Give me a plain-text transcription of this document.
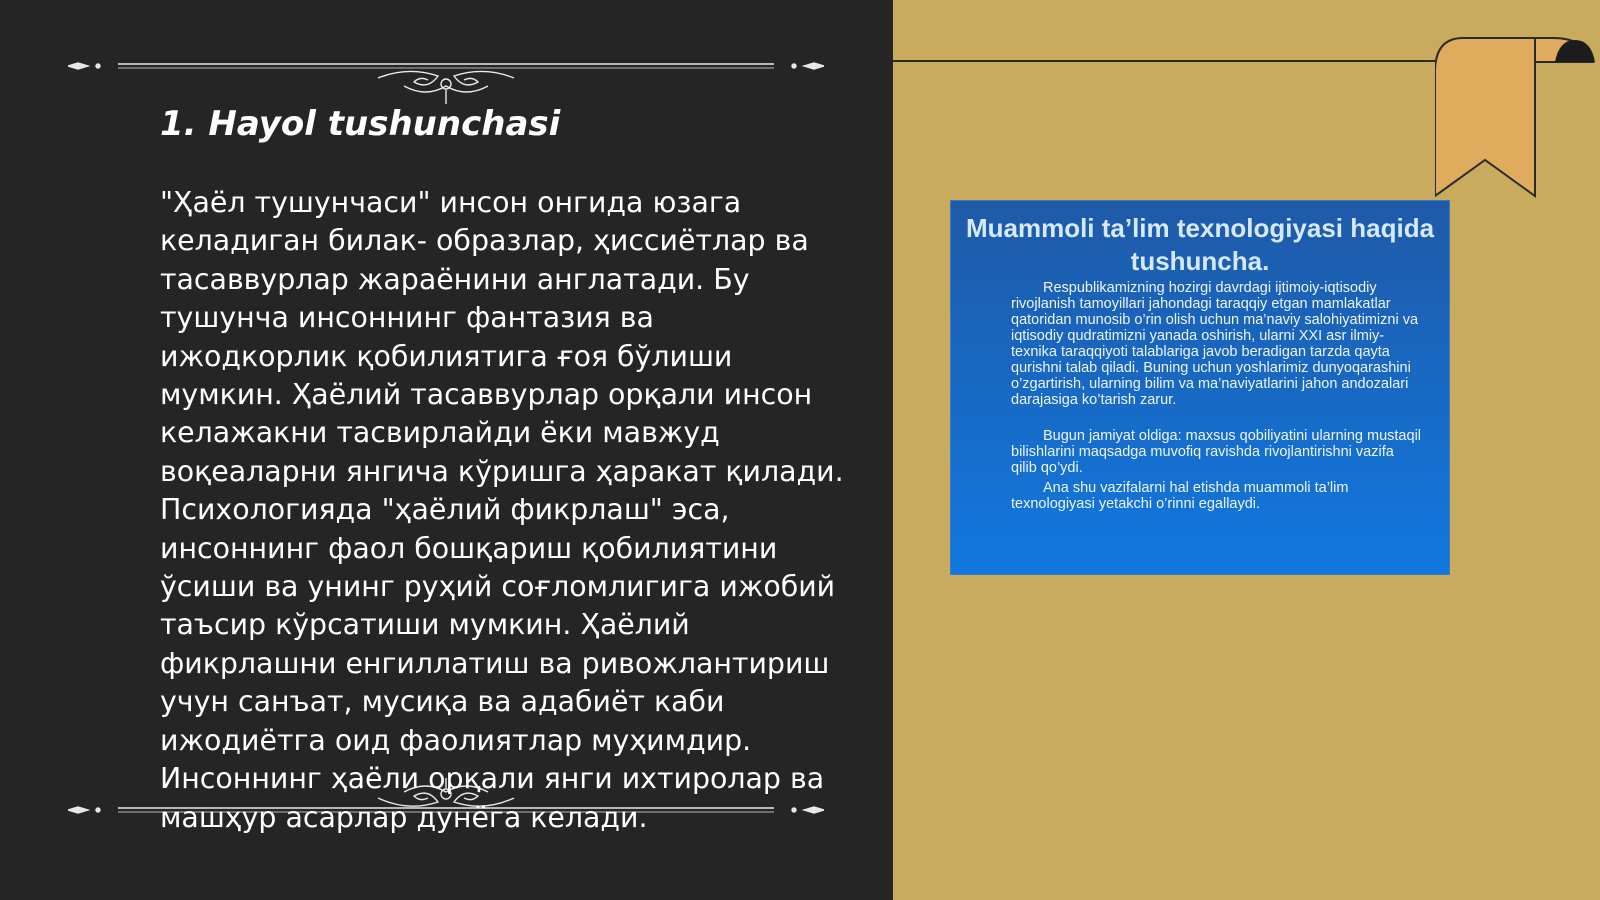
1. Hayol tushunchasi

"Ҳаёл тушунчаси" инсон онгида юзага келадиган билак- образлар, ҳиссиётлар ва тасаввурлар жараёнини англатади. Бу тушунча инсоннинг фантазия ва ижодкорлик қобилиятига ғоя бўлиши мумкин. Ҳаёлий тасаввурлар орқали инсон келажакни тасвирлайди ёки мавжуд воқеаларни янгича кўришга ҳаракат қилади. Психологияда "ҳаёлий фикрлаш" эса, инсоннинг фаол бошқариш қобилиятини ўсиши ва унинг руҳий соғломлигига ижобий таъсир кўрсатиши мумкин. Ҳаёлий фикрлашни енгиллатиш ва ривожлантириш учун санъат, мусиқа ва адабиёт каби ижодиётга оид фаолиятлар муҳимдир. Инсоннинг ҳаёли орқали янги ихтиролар ва машҳур асарлар дунёга келади.

Muammoli ta’lim texnologiyasi haqida tushuncha.

Respublikamizning hozirgi davrdagi ijtimoiy-iqtisodiy rivojlanish tamoyillari jahondagi taraqqiy etgan mamlakatlar qatoridan munosib o’rin olish uchun ma’naviy salohiyatimizni va iqtisodiy qudratimizni yanada oshirish, ularni XXI asr ilmiy-texnika taraqqiyoti talablariga javob beradigan tarzda qayta qurishni talab qiladi. Buning uchun yoshlarimiz dunyoqarashini o’zgartirish, ularning bilim va ma’naviyatlarini jahon andozalari darajasiga ko’tarish zarur.

Bugun jamiyat oldiga: maxsus qobiliyatini ularning mustaqil bilishlarini maqsadga muvofiq ravishda rivojlantirishni vazifa qilib qo’ydi.

Ana shu vazifalarni hal etishda muammoli ta’lim texnologiyasi yetakchi o’rinni egallaydi.
